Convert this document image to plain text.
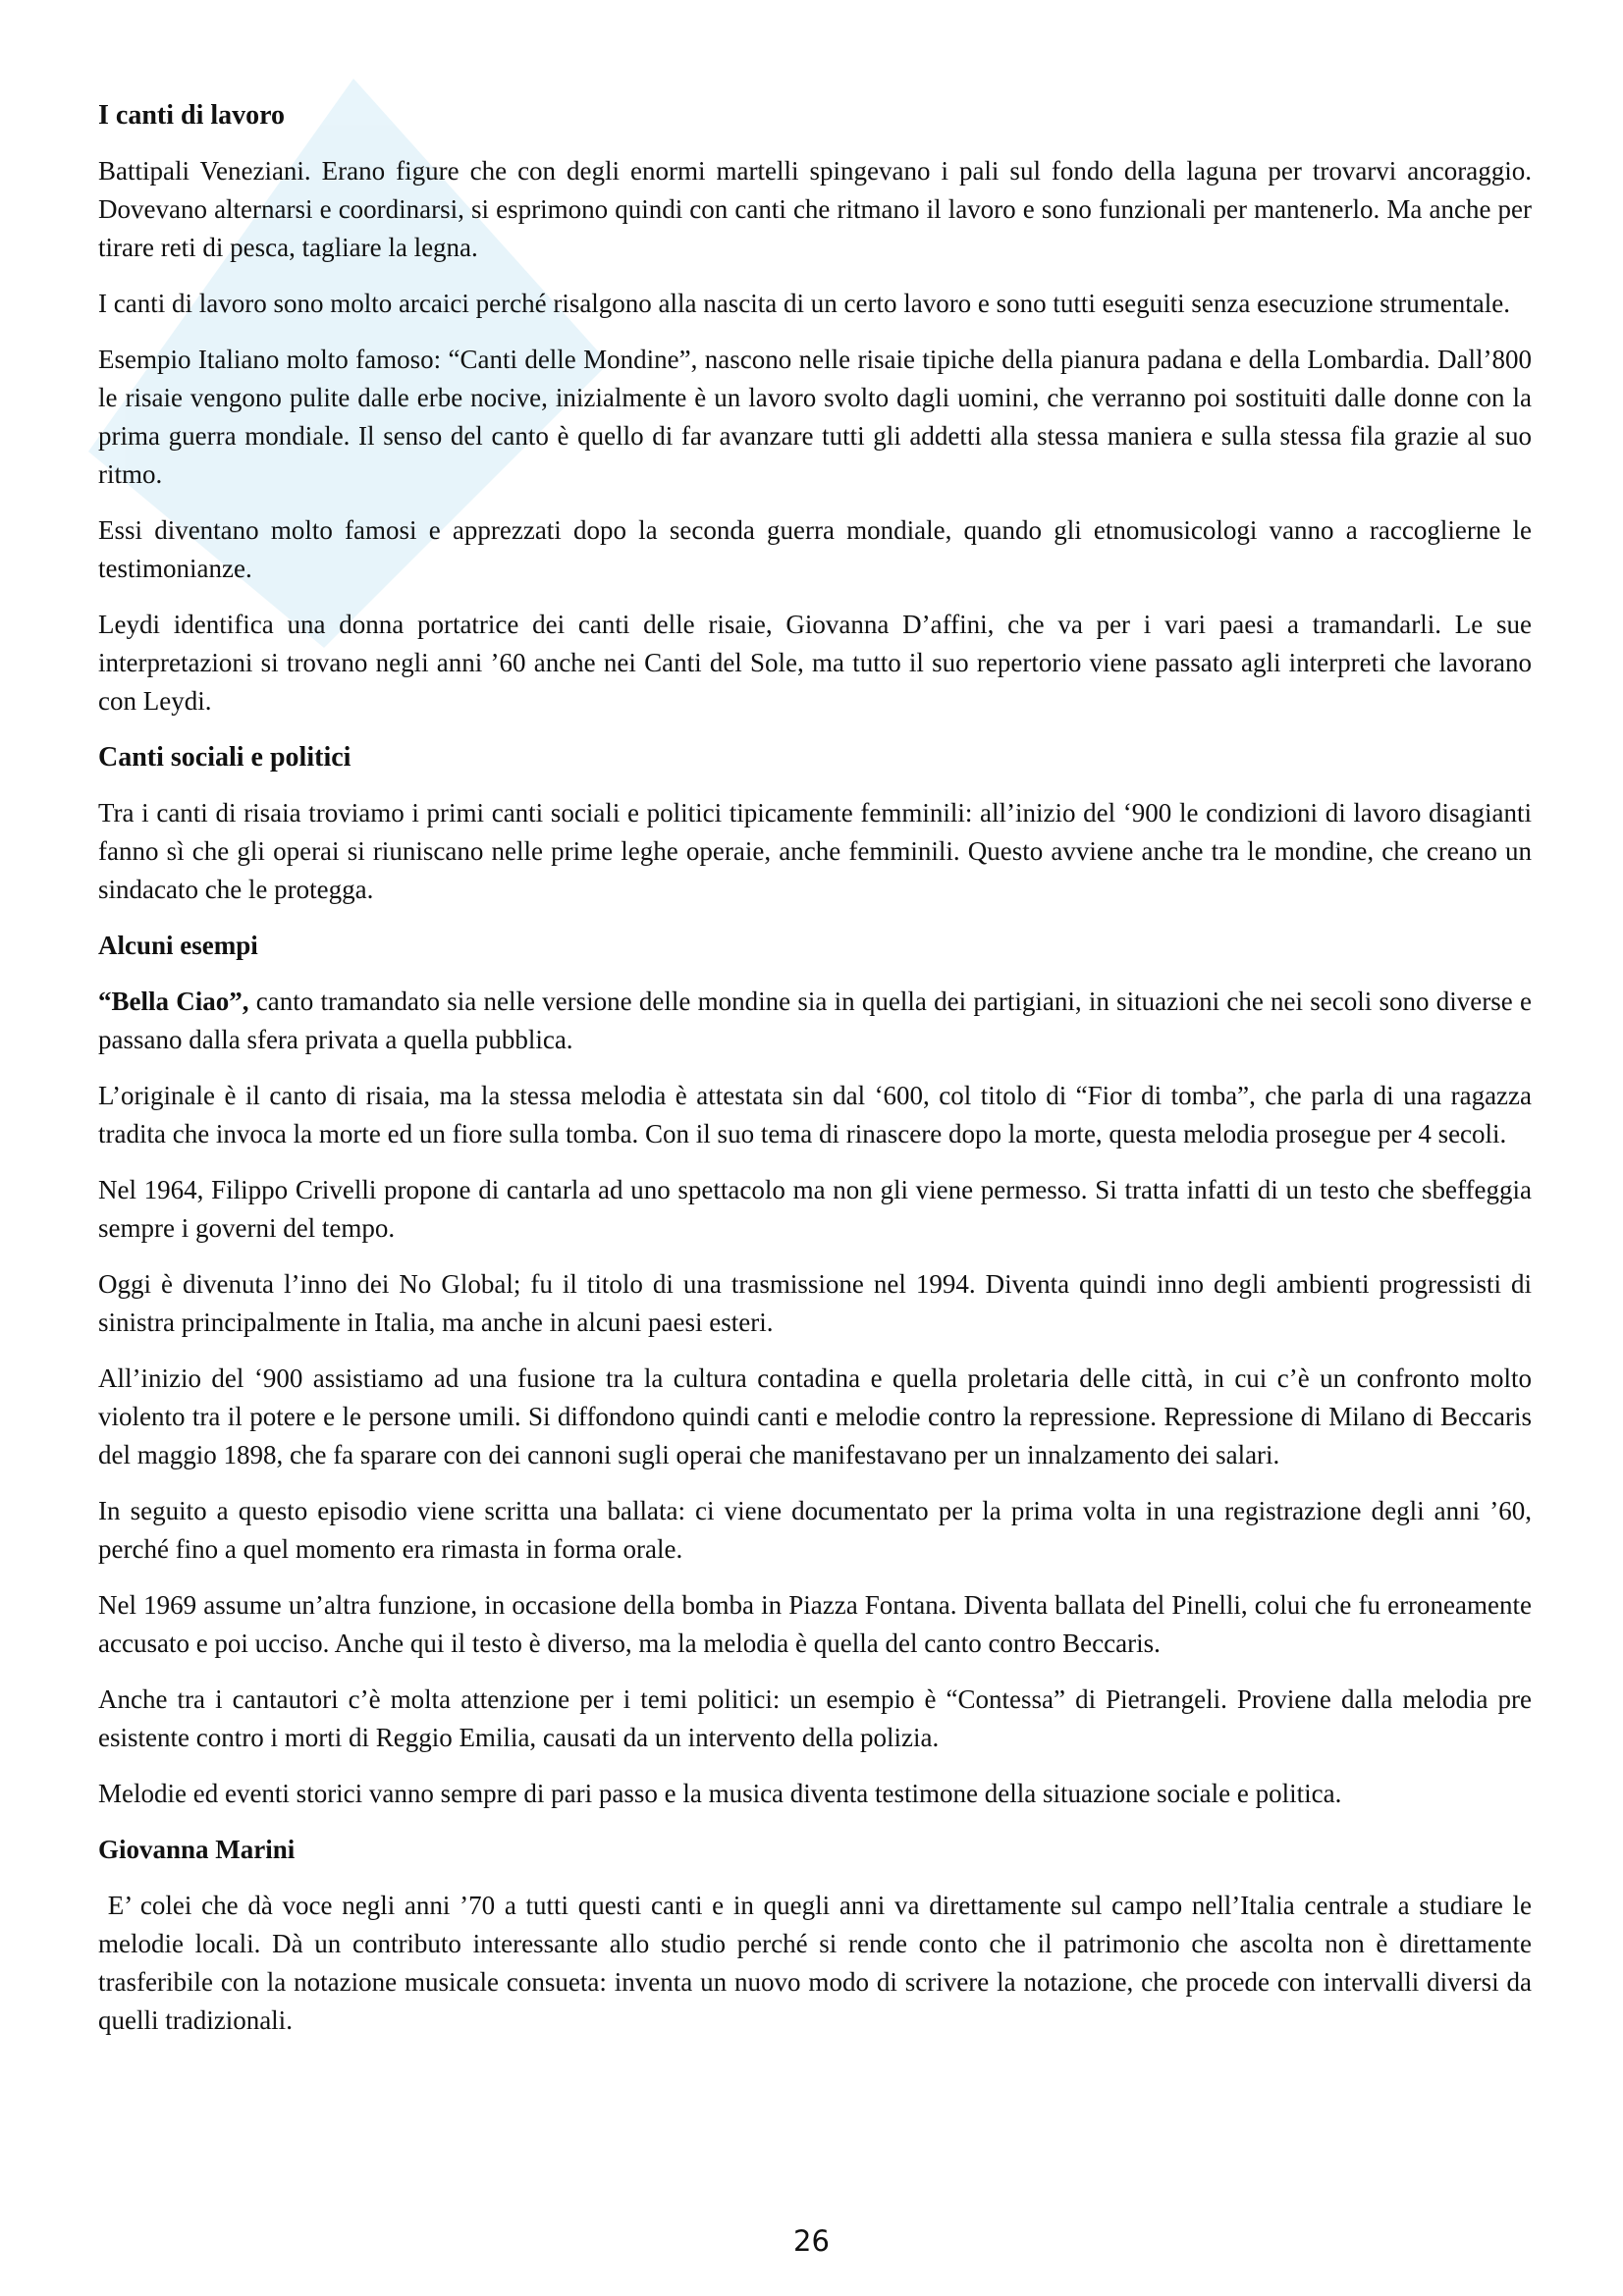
I canti di lavoro

Battipali Veneziani. Erano figure che con degli enormi martelli spingevano i pali sul fondo della laguna per trovarvi ancoraggio. Dovevano alternarsi e coordinarsi, si esprimono quindi con canti che ritmano il lavoro e sono funzionali per mantenerlo. Ma anche per tirare reti di pesca, tagliare la legna.

I canti di lavoro sono molto arcaici perché risalgono alla nascita di un certo lavoro e sono tutti eseguiti senza esecuzione strumentale.

Esempio Italiano molto famoso: “Canti delle Mondine”, nascono nelle risaie tipiche della pianura padana e della Lombardia. Dall’800 le risaie vengono pulite dalle erbe nocive, inizialmente è un lavoro svolto dagli uomini, che verranno poi sostituiti dalle donne con la prima guerra mondiale. Il senso del canto è quello di far avanzare tutti gli addetti alla stessa maniera e sulla stessa fila grazie al suo ritmo.

Essi diventano molto famosi e apprezzati dopo la seconda guerra mondiale, quando gli etnomusicologi vanno a raccoglierne le testimonianze.

Leydi identifica una donna portatrice dei canti delle risaie, Giovanna D’affini, che va per i vari paesi a tramandarli. Le sue interpretazioni si trovano negli anni ’60 anche nei Canti del Sole, ma tutto il suo repertorio viene passato agli interpreti che lavorano con Leydi.

Canti sociali e politici

Tra i canti di risaia troviamo i primi canti sociali e politici tipicamente femminili: all’inizio del ‘900 le condizioni di lavoro disagianti fanno sì che gli operai si riuniscano nelle prime leghe operaie, anche femminili. Questo avviene anche tra le mondine, che creano un sindacato che le protegga.

Alcuni esempi

“Bella Ciao”, canto tramandato sia nelle versione delle mondine sia in quella dei partigiani, in situazioni che nei secoli sono diverse e passano dalla sfera privata a quella pubblica.

L’originale è il canto di risaia, ma la stessa melodia è attestata sin dal ‘600, col titolo di “Fior di tomba”, che parla di una ragazza tradita che invoca la morte ed un fiore sulla tomba. Con il suo tema di rinascere dopo la morte, questa melodia prosegue per 4 secoli.

Nel 1964, Filippo Crivelli propone di cantarla ad uno spettacolo ma non gli viene permesso. Si tratta infatti di un testo che sbeffeggia sempre i governi del tempo.

Oggi è divenuta l’inno dei No Global; fu il titolo di una trasmissione nel 1994. Diventa quindi inno degli ambienti progressisti di sinistra principalmente in Italia, ma anche in alcuni paesi esteri.

All’inizio del ‘900 assistiamo ad una fusione tra la cultura contadina e quella proletaria delle città, in cui c’è un confronto molto violento tra il potere e le persone umili. Si diffondono quindi canti e melodie contro la repressione. Repressione di Milano di Beccaris del maggio 1898, che fa sparare con dei cannoni sugli operai che manifestavano per un innalzamento dei salari.

In seguito a questo episodio viene scritta una ballata: ci viene documentato per la prima volta in una registrazione degli anni ’60, perché fino a quel momento era rimasta in forma orale.

Nel 1969 assume un’altra funzione, in occasione della bomba in Piazza Fontana. Diventa ballata del Pinelli, colui che fu erroneamente accusato e poi ucciso. Anche qui il testo è diverso, ma la melodia è quella del canto contro Beccaris.

Anche tra i cantautori c’è molta attenzione per i temi politici: un esempio è “Contessa” di Pietrangeli. Proviene dalla melodia pre esistente contro i morti di Reggio Emilia, causati da un intervento della polizia.

Melodie ed eventi storici vanno sempre di pari passo e la musica diventa testimone della situazione sociale e politica.

Giovanna Marini

E’ colei che dà voce negli anni ’70 a tutti questi canti e in quegli anni va direttamente sul campo nell’Italia centrale a studiare le melodie locali. Dà un contributo interessante allo studio perché si rende conto che il patrimonio che ascolta non è direttamente trasferibile con la notazione musicale consueta: inventa un nuovo modo di scrivere la notazione, che procede con intervalli diversi da quelli tradizionali.

26
